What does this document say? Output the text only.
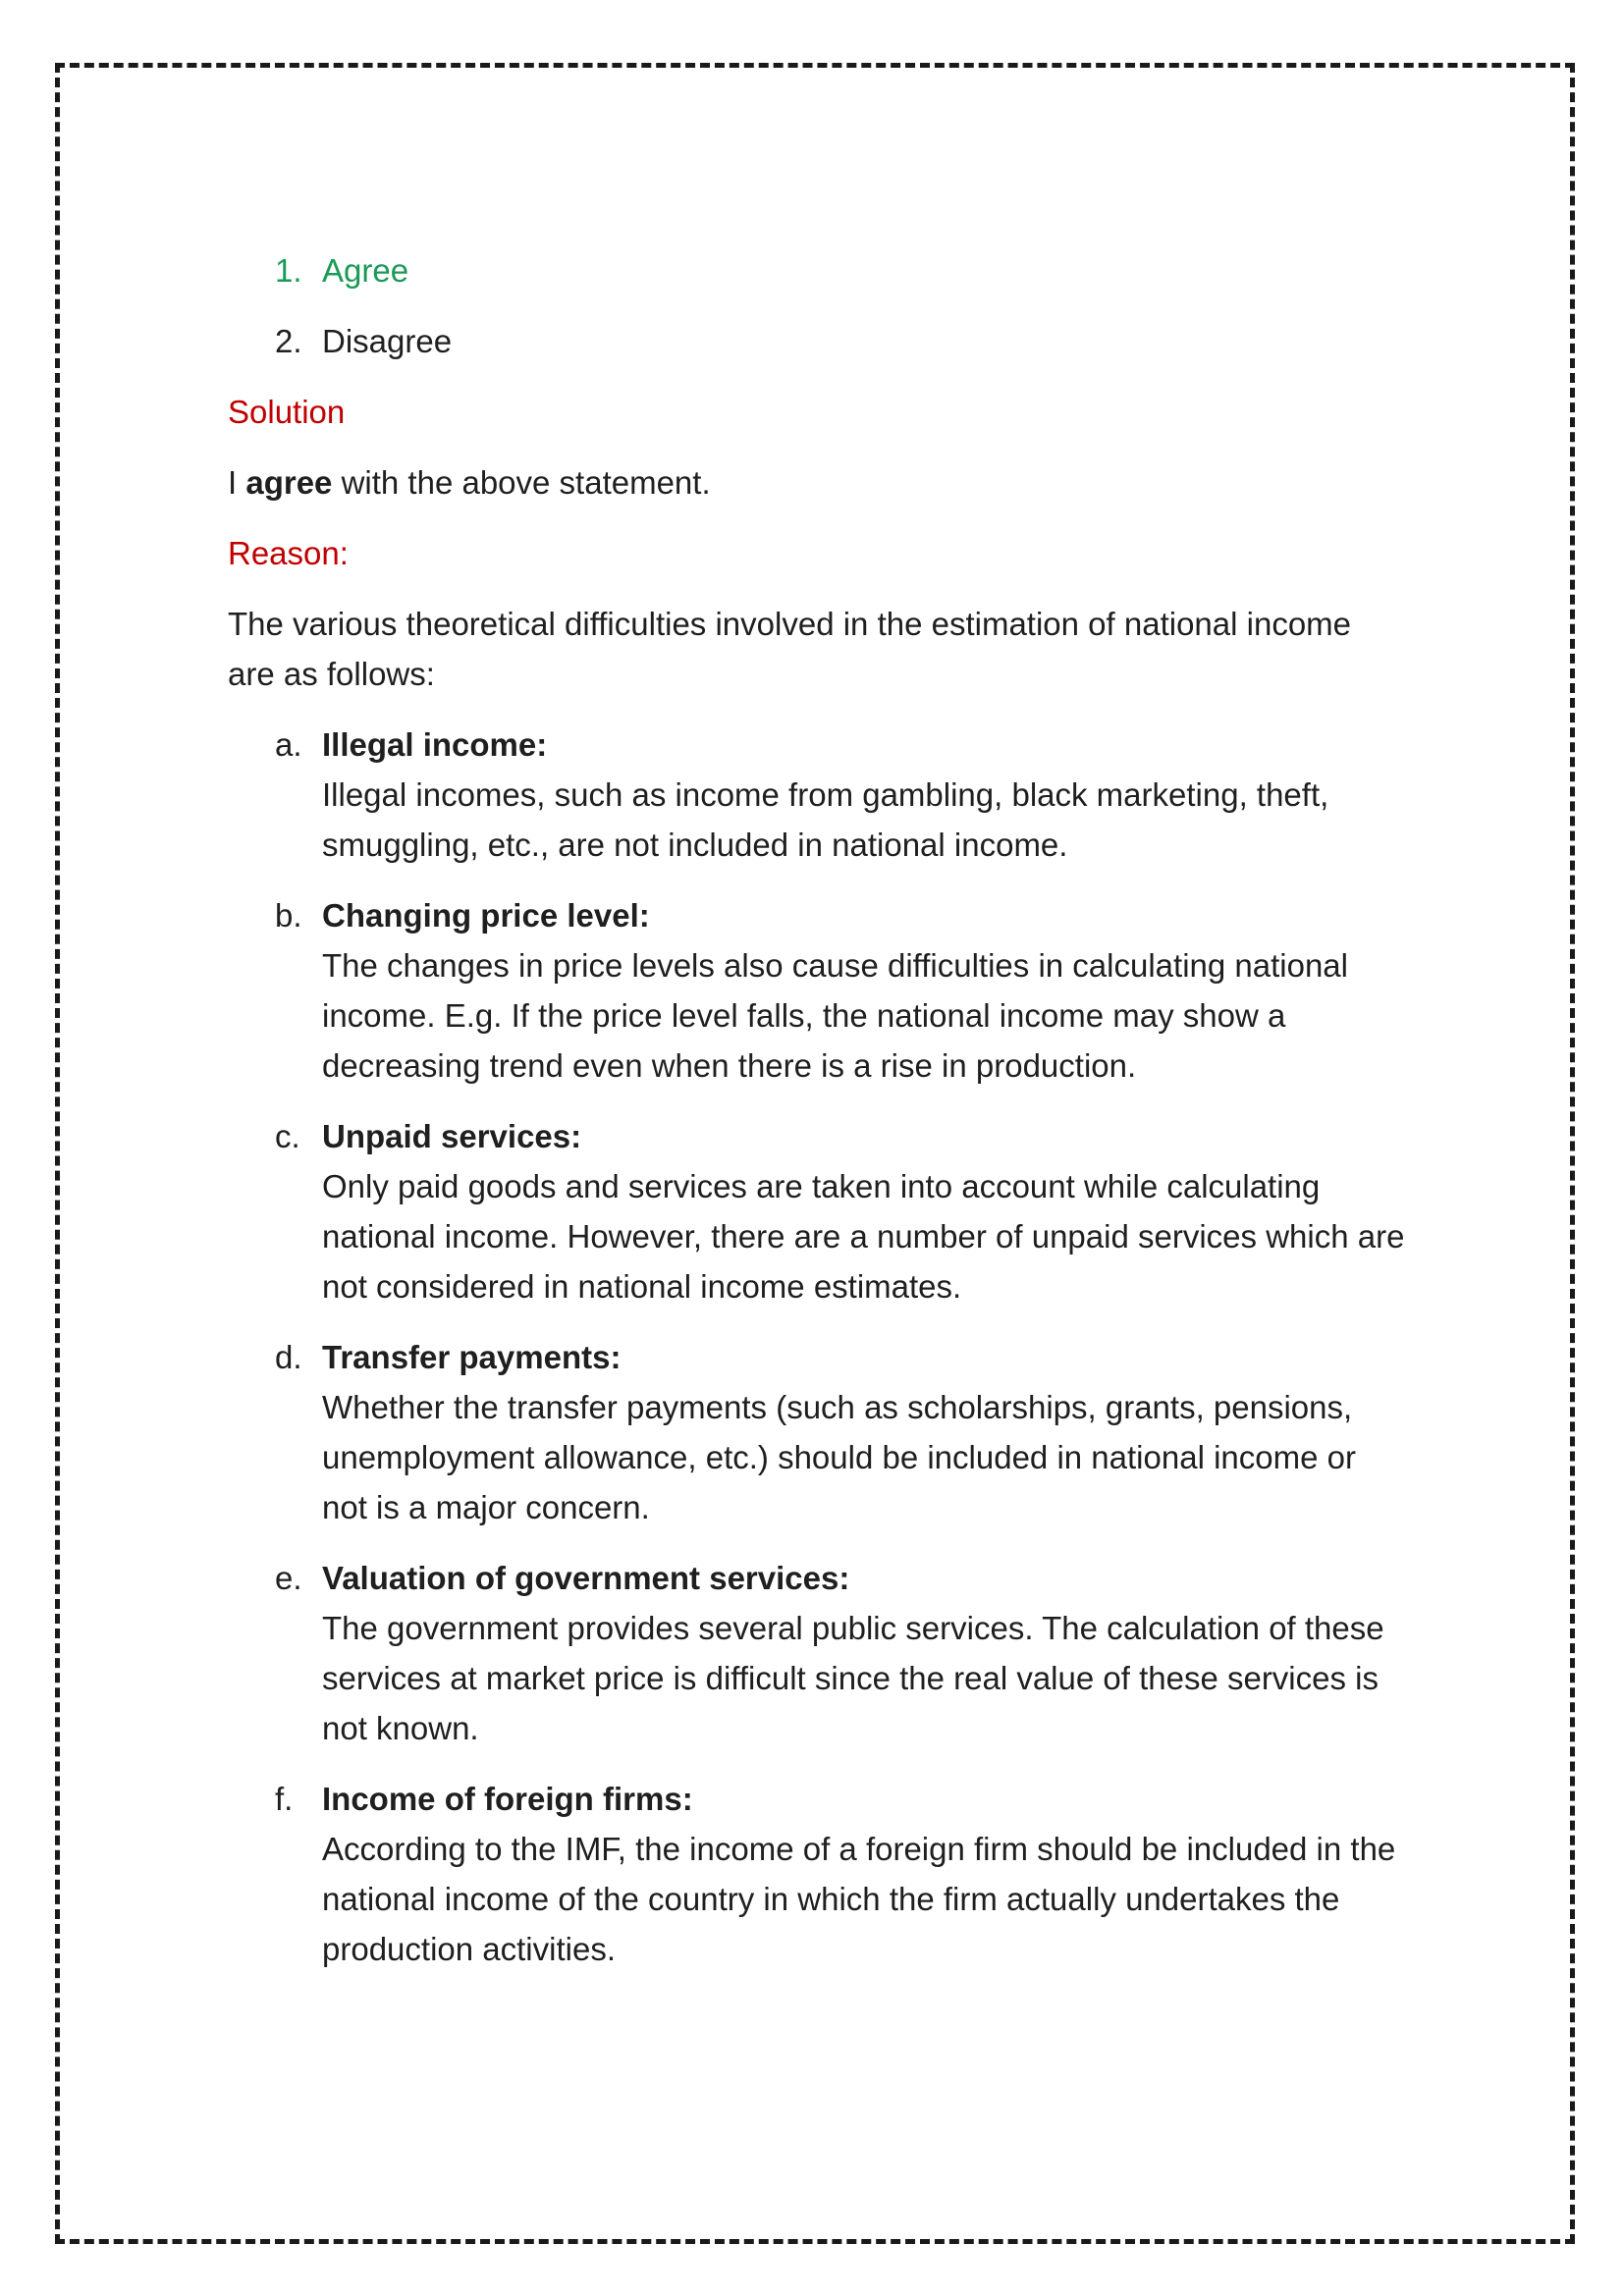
1. Agree
2. Disagree
Solution
I agree with the above statement.
Reason:
The various theoretical difficulties involved in the estimation of national income are as follows:
a. Illegal income:
Illegal incomes, such as income from gambling, black marketing, theft, smuggling, etc., are not included in national income.
b. Changing price level:
The changes in price levels also cause difficulties in calculating national income. E.g. If the price level falls, the national income may show a decreasing trend even when there is a rise in production.
c. Unpaid services:
Only paid goods and services are taken into account while calculating national income. However, there are a number of unpaid services which are not considered in national income estimates.
d. Transfer payments:
Whether the transfer payments (such as scholarships, grants, pensions, unemployment allowance, etc.) should be included in national income or not is a major concern.
e. Valuation of government services:
The government provides several public services. The calculation of these services at market price is difficult since the real value of these services is not known.
f. Income of foreign firms:
According to the IMF, the income of a foreign firm should be included in the national income of the country in which the firm actually undertakes the production activities.
